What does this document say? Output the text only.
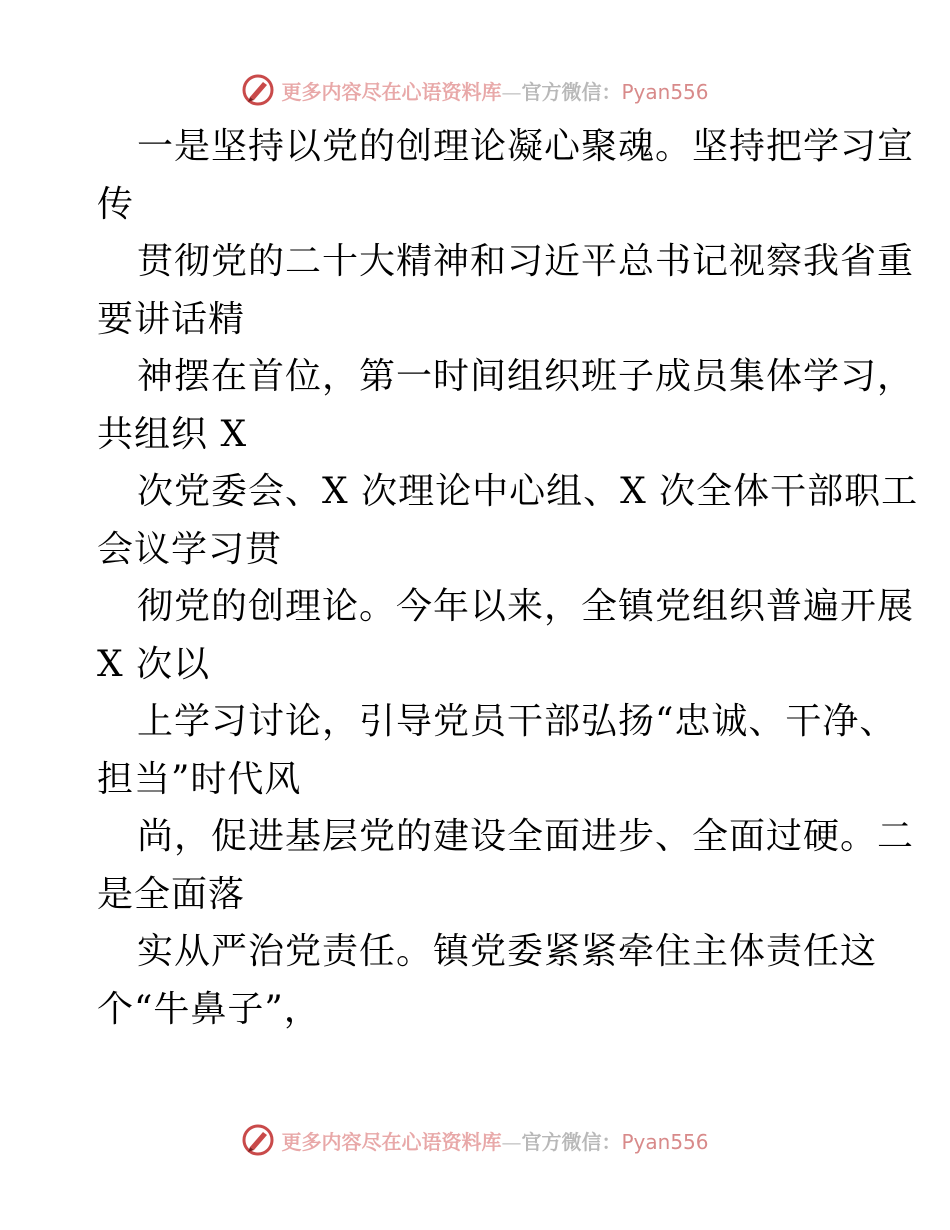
更多内容尽在心语资料库—官方微信：Pyan556
一是坚持以党的创理论凝心聚魂。坚持把学习宣
传
贯彻党的二十大精神和习近平总书记视察我省重
要讲话精
神摆在首位，第一时间组织班子成员集体学习，
共组织 X
次党委会、X 次理论中心组、X 次全体干部职工
会议学习贯
彻党的创理论。今年以来，全镇党组织普遍开展
X 次以
上学习讨论，引导党员干部弘扬“忠诚、干净、
担当”时代风
尚，促进基层党的建设全面进步、全面过硬。二
是全面落
实从严治党责任。镇党委紧紧牵住主体责任这
个“牛鼻子”，
更多内容尽在心语资料库—官方微信：Pyan556
